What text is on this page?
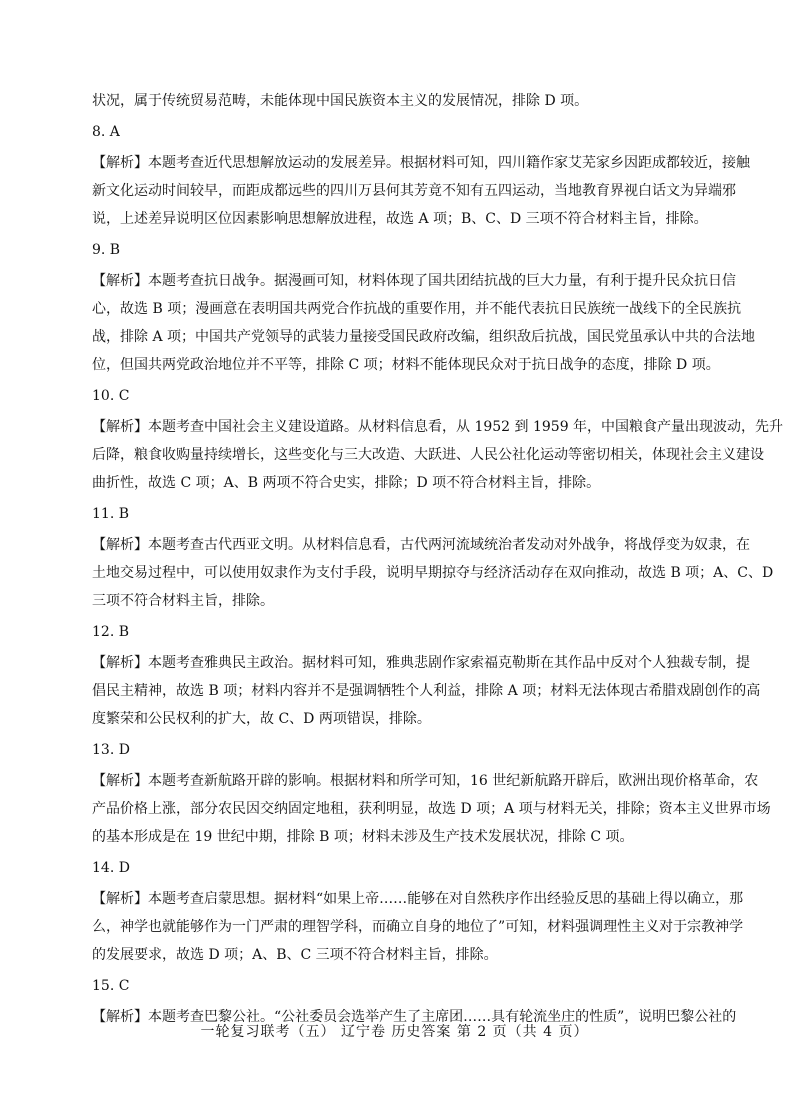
状况，属于传统贸易范畴，未能体现中国民族资本主义的发展情况，排除 D 项。
8. A
【解析】本题考查近代思想解放运动的发展差异。根据材料可知，四川籍作家艾芜家乡因距成都较近，接触
新文化运动时间较早，而距成都远些的四川万县何其芳竟不知有五四运动，当地教育界视白话文为异端邪
说，上述差异说明区位因素影响思想解放进程，故选 A 项；B、C、D 三项不符合材料主旨，排除。
9. B
【解析】本题考查抗日战争。据漫画可知，材料体现了国共团结抗战的巨大力量，有利于提升民众抗日信
心，故选 B 项；漫画意在表明国共两党合作抗战的重要作用，并不能代表抗日民族统一战线下的全民族抗
战，排除 A 项；中国共产党领导的武装力量接受国民政府改编，组织敌后抗战，国民党虽承认中共的合法地
位，但国共两党政治地位并不平等，排除 C 项；材料不能体现民众对于抗日战争的态度，排除 D 项。
10. C
【解析】本题考查中国社会主义建设道路。从材料信息看，从 1952 到 1959 年，中国粮食产量出现波动，先升
后降，粮食收购量持续增长，这些变化与三大改造、大跃进、人民公社化运动等密切相关，体现社会主义建设
曲折性，故选 C 项；A、B 两项不符合史实，排除；D 项不符合材料主旨，排除。
11. B
【解析】本题考查古代西亚文明。从材料信息看，古代两河流域统治者发动对外战争，将战俘变为奴隶，在
土地交易过程中，可以使用奴隶作为支付手段，说明早期掠夺与经济活动存在双向推动，故选 B 项；A、C、D
三项不符合材料主旨，排除。
12. B
【解析】本题考查雅典民主政治。据材料可知，雅典悲剧作家索福克勒斯在其作品中反对个人独裁专制，提
倡民主精神，故选 B 项；材料内容并不是强调牺牲个人利益，排除 A 项；材料无法体现古希腊戏剧创作的高
度繁荣和公民权利的扩大，故 C、D 两项错误，排除。
13. D
【解析】本题考查新航路开辟的影响。根据材料和所学可知，16 世纪新航路开辟后，欧洲出现价格革命，农
产品价格上涨，部分农民因交纳固定地租，获利明显，故选 D 项；A 项与材料无关，排除；资本主义世界市场
的基本形成是在 19 世纪中期，排除 B 项；材料未涉及生产技术发展状况，排除 C 项。
14. D
【解析】本题考查启蒙思想。据材料“如果上帝……能够在对自然秩序作出经验反思的基础上得以确立，那
么，神学也就能够作为一门严肃的理智学科，而确立自身的地位了”可知，材料强调理性主义对于宗教神学
的发展要求，故选 D 项；A、B、C 三项不符合材料主旨，排除。
15. C
【解析】本题考查巴黎公社。“公社委员会选举产生了主席团……具有轮流坐庄的性质”，说明巴黎公社的
一轮复习联考（五） 辽宁卷 历史答案 第 2 页（共 4 页）
